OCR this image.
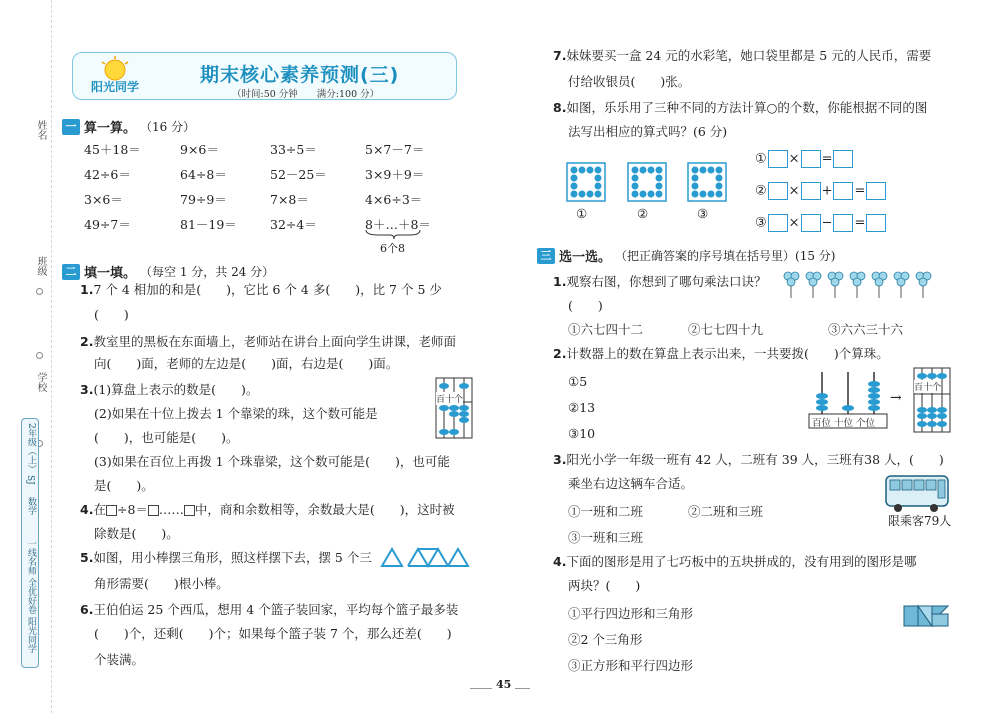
姓名
班级
学校
阳光同学
一线名师 全优好卷
数学
SJ
2年级（上）
阳光同学
期末核心素养预测(三)
（时间:50 分钟　　满分:100 分）
一 算一算。 （16 分）
45＋18＝	9×6＝	33÷5＝	5×7－7＝
42÷6＝	64÷8＝	52－25＝	3×9＋9＝
3×6＝	79÷9＝	7×8＝	4×6÷3＝
49÷7＝	81－19＝	32÷4＝	8＋…＋8＝
6个8
二 填一填。 （每空 1 分，共 24 分）
1.7 个 4 相加的和是(　　)，它比 6 个 4 多(　　)，比 7 个 5 少
(　　)
2.教室里的黑板在东面墙上，老师站在讲台上面向学生讲课，老师面
向(　　)面，老师的左边是(　　)面，右边是(　　)面。
3.(1)算盘上表示的数是(　　)。
(2)如果在十位上拨去 1 个靠梁的珠，这个数可能是
(　　)，也可能是(　　)。
(3)如果在百位上再拨 1 个珠靠梁，这个数可能是(　　)，也可能
是(　　)。
百十个
4.在 ÷8＝ …… 中，商和余数相等，余数最大是(　　)，这时被
除数是(　　)。
5.如图，用小棒摆三角形，照这样摆下去，摆 5 个三
角形需要(　　)根小棒。
6.王伯伯运 25 个西瓜，想用 4 个篮子装回家，平均每个篮子最多装
(　　)个，还剩(　　)个；如果每个篮子装 7 个，那么还差(　　)
个装满。
7.妹妹要买一盒 24 元的水彩笔，她口袋里都是 5 元的人民币，需要
付给收银员(　　)张。
8.如图，乐乐用了三种不同的方法计算○的个数，你能根据不同的图
法写出相应的算式吗？(6 分)
①	②	③
① × =
② × + =
③ × − =
三 选一选。 （把正确答案的序号填在括号里）(15 分)
1.观察右图，你想到了哪句乘法口诀？
(　　)
①六七四十二	②七七四十九	③六六三十六
2.计数器上的数在算盘上表示出来，一共要拨(　　)个算珠。
①5
②13
③10
百位 十位 个位
→
百十个
3.阳光小学一年级一班有 42 人，二班有 39 人，三班有38 人，(　　)
乘坐右边这辆车合适。
①一班和二班	②二班和三班
③一班和三班
限乘客79人
4.下面的图形是用了七巧板中的五块拼成的，没有用到的图形是哪
两块？(　　)
①平行四边形和三角形
②2 个三角形
③正方形和平行四边形
45
